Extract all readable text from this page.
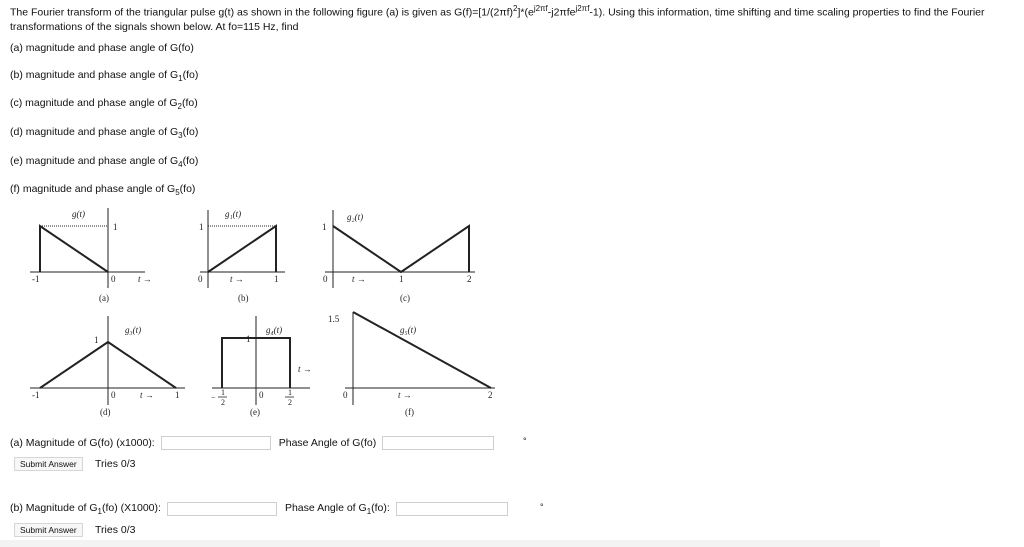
The Fourier transform of the triangular pulse g(t) as shown in the following figure (a) is given as $G(f)=[1/(2\pi f)^2]*(e^{j2\pi f}-j2\pi fe^{j2\pi f}-1)$. Using this information, time shifting and time scaling properties to find the Fourier transformations of the signals shown below. At fo=115 Hz, find
(a) magnitude and phase angle of G(fo)
(b) magnitude and phase angle of $G_1(fo)$
(c) magnitude and phase angle of $G_2(fo)$
(d) magnitude and phase angle of $G_3(fo)$
(e) magnitude and phase angle of $G_4(fo)$
(f) magnitude and phase angle of $G_5(fo)$
g(t)
-1	0
1
t →
(a)
g₁(t)
0	1
1
t →
(b)
g₂(t)
0	1	2
1
t →
(c)
g₃(t)
-1	0	1
1
t →
(d)
g₄(t)
1
2
−	0	1
2
1
t →
(e)
g₅(t)
1.5
0	2
t →
(f)
(a) Magnitude of G(fo) (x1000):	Phase Angle of G(fo)	°
Submit Answer	Tries 0/3
(b) Magnitude of $G_1(fo)$ (X1000):	Phase Angle of $G_1(fo)$:	°
Submit Answer	Tries 0/3
